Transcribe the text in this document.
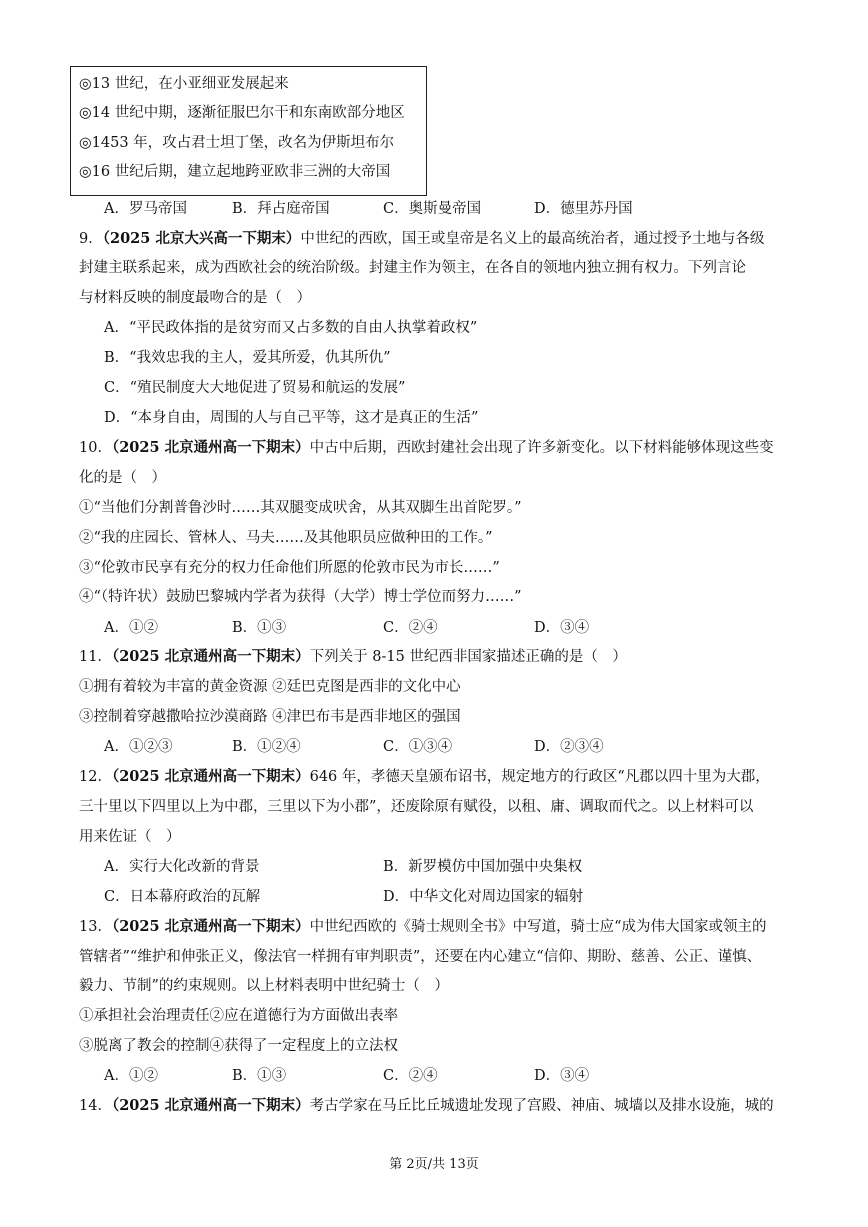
◎13 世纪，在小亚细亚发展起来
◎14 世纪中期，逐渐征服巴尔干和东南欧部分地区
◎1453 年，攻占君士坦丁堡，改名为伊斯坦布尔
◎16 世纪后期，建立起地跨亚欧非三洲的大帝国
A．罗马帝国	B．拜占庭帝国	C．奥斯曼帝国	D．德里苏丹国
9．（2025 北京大兴高一下期末）中世纪的西欧，国王或皇帝是名义上的最高统治者，通过授予土地与各级
封建主联系起来，成为西欧社会的统治阶级。封建主作为领主，在各自的领地内独立拥有权力。下列言论
与材料反映的制度最吻合的是（　）
A．“平民政体指的是贫穷而又占多数的自由人执掌着政权”
B．“我效忠我的主人，爱其所爱，仇其所仇”
C．“殖民制度大大地促进了贸易和航运的发展”
D．“本身自由，周围的人与自己平等，这才是真正的生活”
10．（2025 北京通州高一下期末）中古中后期，西欧封建社会出现了许多新变化。以下材料能够体现这些变
化的是（　）
①“当他们分割普鲁沙时……其双腿变成吠舍，从其双脚生出首陀罗。”
②“我的庄园长、管林人、马夫……及其他职员应做种田的工作。”
③“伦敦市民享有充分的权力任命他们所愿的伦敦市民为市长……”
④“（特许状）鼓励巴黎城内学者为获得（大学）博士学位而努力……”
A．①②	B．①③	C．②④	D．③④
11．（2025 北京通州高一下期末）下列关于 8-15 世纪西非国家描述正确的是（　）
①拥有着较为丰富的黄金资源 ②廷巴克图是西非的文化中心
③控制着穿越撒哈拉沙漠商路 ④津巴布韦是西非地区的强国
A．①②③	B．①②④	C．①③④	D．②③④
12．（2025 北京通州高一下期末）646 年，孝德天皇颁布诏书，规定地方的行政区“凡郡以四十里为大郡，
三十里以下四里以上为中郡，三里以下为小郡”，还废除原有赋役，以租、庸、调取而代之。以上材料可以
用来佐证（　）
A．实行大化改新的背景	B．新罗模仿中国加强中央集权
C．日本幕府政治的瓦解	D．中华文化对周边国家的辐射
13．（2025 北京通州高一下期末）中世纪西欧的《骑士规则全书》中写道，骑士应“成为伟大国家或领主的
管辖者”“维护和伸张正义，像法官一样拥有审判职责”，还要在内心建立“信仰、期盼、慈善、公正、谨慎、
毅力、节制”的约束规则。以上材料表明中世纪骑士（　）
①承担社会治理责任②应在道德行为方面做出表率
③脱离了教会的控制④获得了一定程度上的立法权
A．①②	B．①③	C．②④	D．③④
14．（2025 北京通州高一下期末）考古学家在马丘比丘城遗址发现了宫殿、神庙、城墙以及排水设施，城的
第 2页/共 13页
